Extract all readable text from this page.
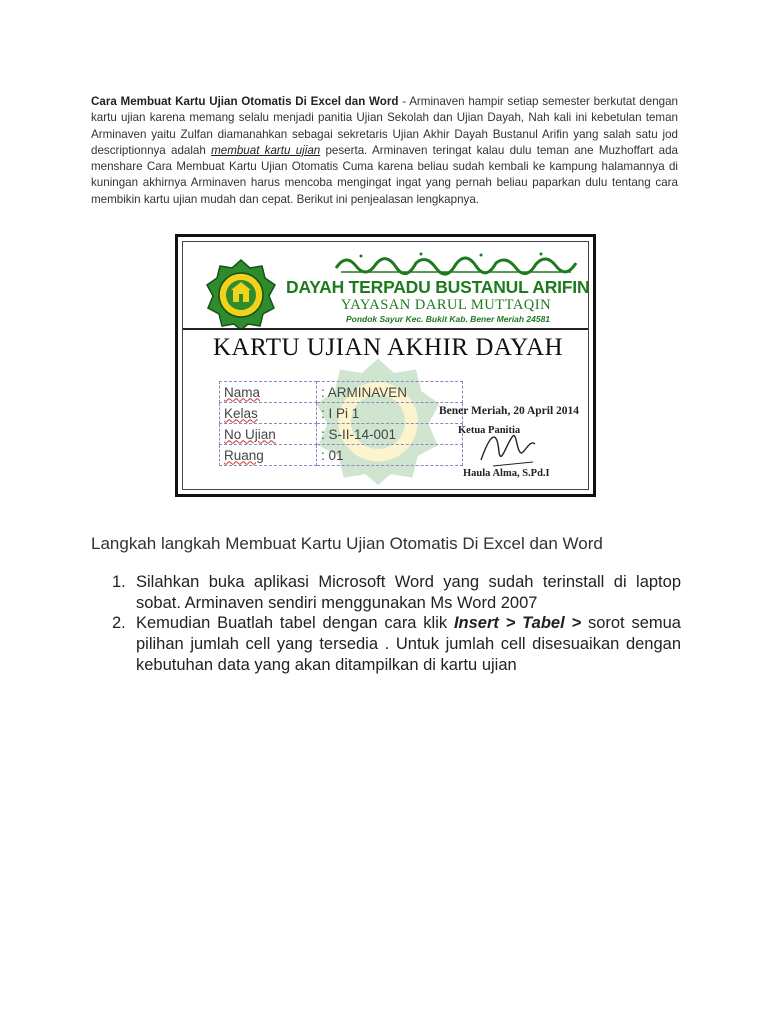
Cara Membuat Kartu Ujian Otomatis Di Excel dan Word - Arminaven hampir setiap semester berkutat dengan kartu ujian karena memang selalu menjadi panitia Ujian Sekolah dan Ujian Dayah, Nah kali ini kebetulan teman Arminaven yaitu Zulfan diamanahkan sebagai sekretaris Ujian Akhir Dayah Bustanul Arifin yang salah satu jod descriptionnya adalah membuat kartu ujian peserta. Arminaven teringat kalau dulu teman ane Muzhoffart ada menshare Cara Membuat Kartu Ujian Otomatis Cuma karena beliau sudah kembali ke kampung halamannya di kuningan akhirnya Arminaven harus mencoba mengingat ingat yang pernah beliau paparkan dulu tentang cara membikin kartu ujian mudah dan cepat. Berikut ini penjealasan lengkapnya.
DAYAH TERPADU BUSTANUL ARIFIN
YAYASAN DARUL MUTTAQIN
Pondok Sayur Kec. Bukit Kab. Bener Meriah 24581
KARTU UJIAN AKHIR DAYAH
Nama	: ARMINAVEN
Kelas	: I Pi 1
No Ujian	: S-II-14-001
Ruang	: 01
Bener Meriah, 20 April 2014
Ketua Panitia
Haula Alma, S.Pd.I
Langkah langkah Membuat Kartu Ujian Otomatis Di Excel dan Word
1. Silahkan buka aplikasi Microsoft Word yang sudah terinstall di laptop sobat. Arminaven sendiri menggunakan Ms Word 2007
2. Kemudian Buatlah tabel dengan cara klik Insert > Tabel > sorot semua pilihan jumlah cell yang tersedia . Untuk jumlah cell disesuaikan dengan kebutuhan data yang akan ditampilkan di kartu ujian
